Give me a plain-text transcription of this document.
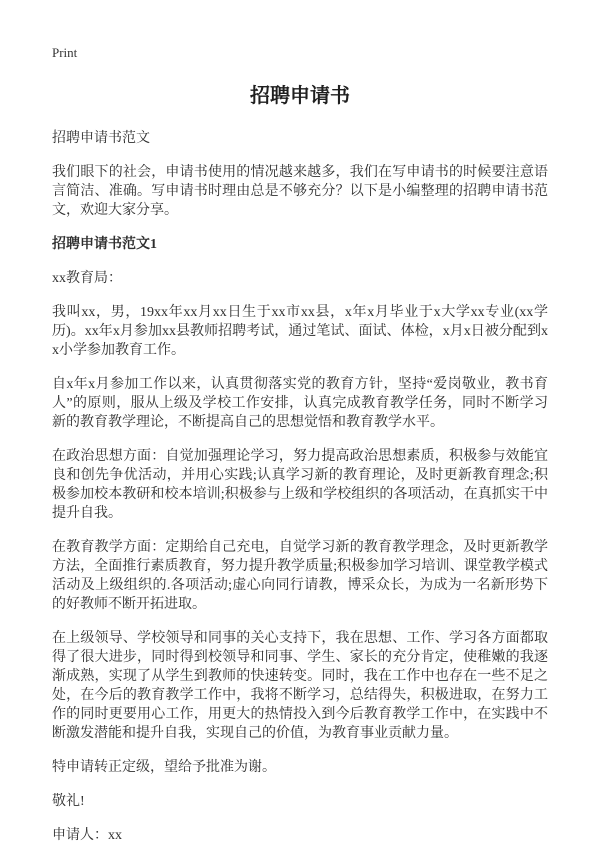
Print
招聘申请书

招聘申请书范文

我们眼下的社会，申请书使用的情况越来越多，我们在写申请书的时候要注意语言简洁、准确。写申请书时理由总是不够充分？以下是小编整理的招聘申请书范文，欢迎大家分享。

招聘申请书范文1

xx教育局：

我叫xx，男，19xx年xx月xx日生于xx市xx县，x年x月毕业于x大学xx专业(xx学历)。xx年x月参加xx县教师招聘考试，通过笔试、面试、体检，x月x日被分配到xx小学参加教育工作。

自x年x月参加工作以来，认真贯彻落实党的教育方针，坚持“爱岗敬业，教书育人”的原则，服从上级及学校工作安排，认真完成教育教学任务，同时不断学习新的教育教学理论，不断提高自己的思想觉悟和教育教学水平。

在政治思想方面：自觉加强理论学习，努力提高政治思想素质，积极参与效能宜良和创先争优活动，并用心实践;认真学习新的教育理论，及时更新教育理念;积极参加校本教研和校本培训;积极参与上级和学校组织的各项活动，在真抓实干中提升自我。

在教育教学方面：定期给自己充电，自觉学习新的教育教学理念，及时更新教学方法，全面推行素质教育，努力提升教学质量;积极参加学习培训、课堂教学模式活动及上级组织的.各项活动;虚心向同行请教，博采众长，为成为一名新形势下的好教师不断开拓进取。

在上级领导、学校领导和同事的关心支持下，我在思想、工作、学习各方面都取得了很大进步，同时得到校领导和同事、学生、家长的充分肯定，使稚嫩的我逐渐成熟，实现了从学生到教师的快速转变。同时，我在工作中也存在一些不足之处，在今后的教育教学工作中，我将不断学习，总结得失，积极进取，在努力工作的同时更要用心工作，用更大的热情投入到今后教育教学工作中，在实践中不断激发潜能和提升自我，实现自己的价值，为教育事业贡献力量。

特申请转正定级，望给予批准为谢。

敬礼!

申请人：xx
